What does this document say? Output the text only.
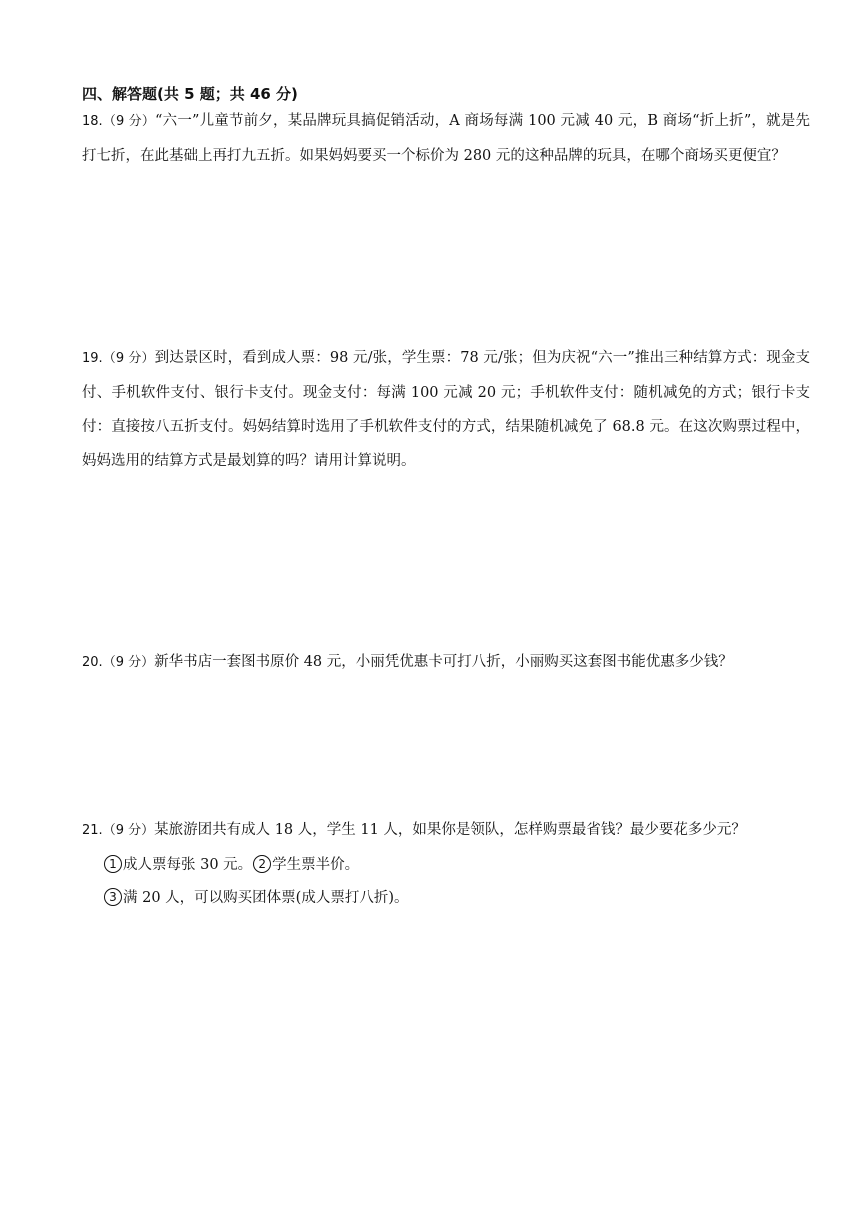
四、解答题(共 5 题；共 46 分)
18.（9 分）“六一”儿童节前夕，某品牌玩具搞促销活动，A 商场每满 100 元减 40 元，B 商场“折上折”，就是先打七折，在此基础上再打九五折。如果妈妈要买一个标价为 280 元的这种品牌的玩具，在哪个商场买更便宜？
19.（9 分）到达景区时，看到成人票：98 元/张，学生票：78 元/张；但为庆祝“六一”推出三种结算方式：现金支付、手机软件支付、银行卡支付。现金支付：每满 100 元减 20 元；手机软件支付：随机减免的方式；银行卡支付：直接按八五折支付。妈妈结算时选用了手机软件支付的方式，结果随机减免了 68.8 元。在这次购票过程中，妈妈选用的结算方式是最划算的吗？请用计算说明。
20.（9 分）新华书店一套图书原价 48 元，小丽凭优惠卡可打八折，小丽购买这套图书能优惠多少钱？
21.（9 分）某旅游团共有成人 18 人，学生 11 人，如果你是领队，怎样购票最省钱？最少要花多少元？
1 成人票每张 30 元。 2 学生票半价。
3 满 20 人，可以购买团体票(成人票打八折)。
